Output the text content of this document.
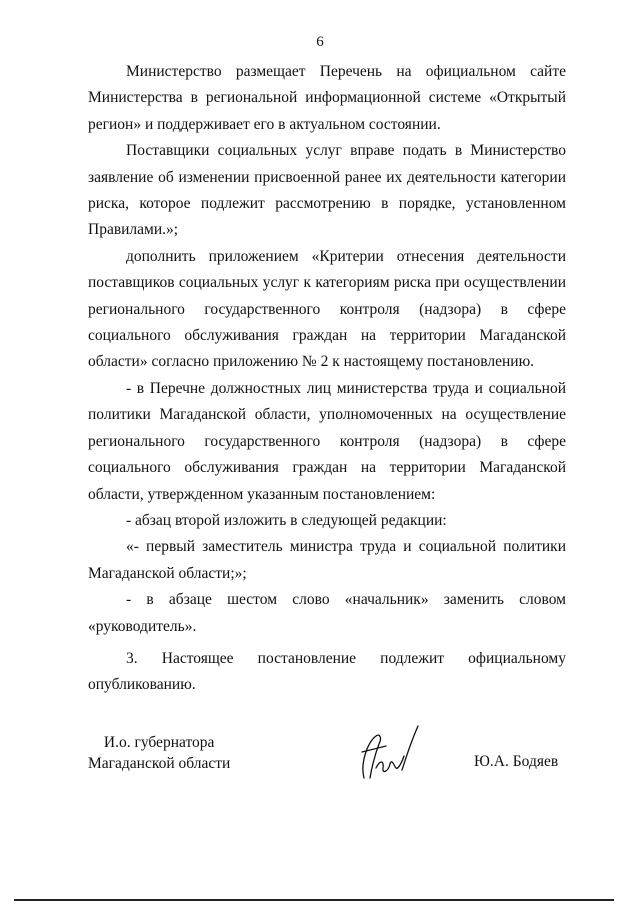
6

Министерство размещает Перечень на официальном сайте Министерства в региональной информационной системе «Открытый регион» и поддерживает его в актуальном состоянии.

Поставщики социальных услуг вправе подать в Министерство заявление об изменении присвоенной ранее их деятельности категории риска, которое подлежит рассмотрению в порядке, установленном Правилами.»;

дополнить приложением «Критерии отнесения деятельности поставщиков социальных услуг к категориям риска при осуществлении регионального государственного контроля (надзора) в сфере социального обслуживания граждан на территории Магаданской области» согласно приложению № 2 к настоящему постановлению.

- в Перечне должностных лиц министерства труда и социальной политики Магаданской области, уполномоченных на осуществление регионального государственного контроля (надзора) в сфере социального обслуживания граждан на территории Магаданской области, утвержденном указанным постановлением:

- абзац второй изложить в следующей редакции:

«- первый заместитель министра труда и социальной политики Магаданской области;»;

- в абзаце шестом слово «начальник» заменить словом «руководитель».

3. Настоящее постановление подлежит официальному опубликованию.

И.о. губернатора
Магаданской области	Ю.А. Бодяев
